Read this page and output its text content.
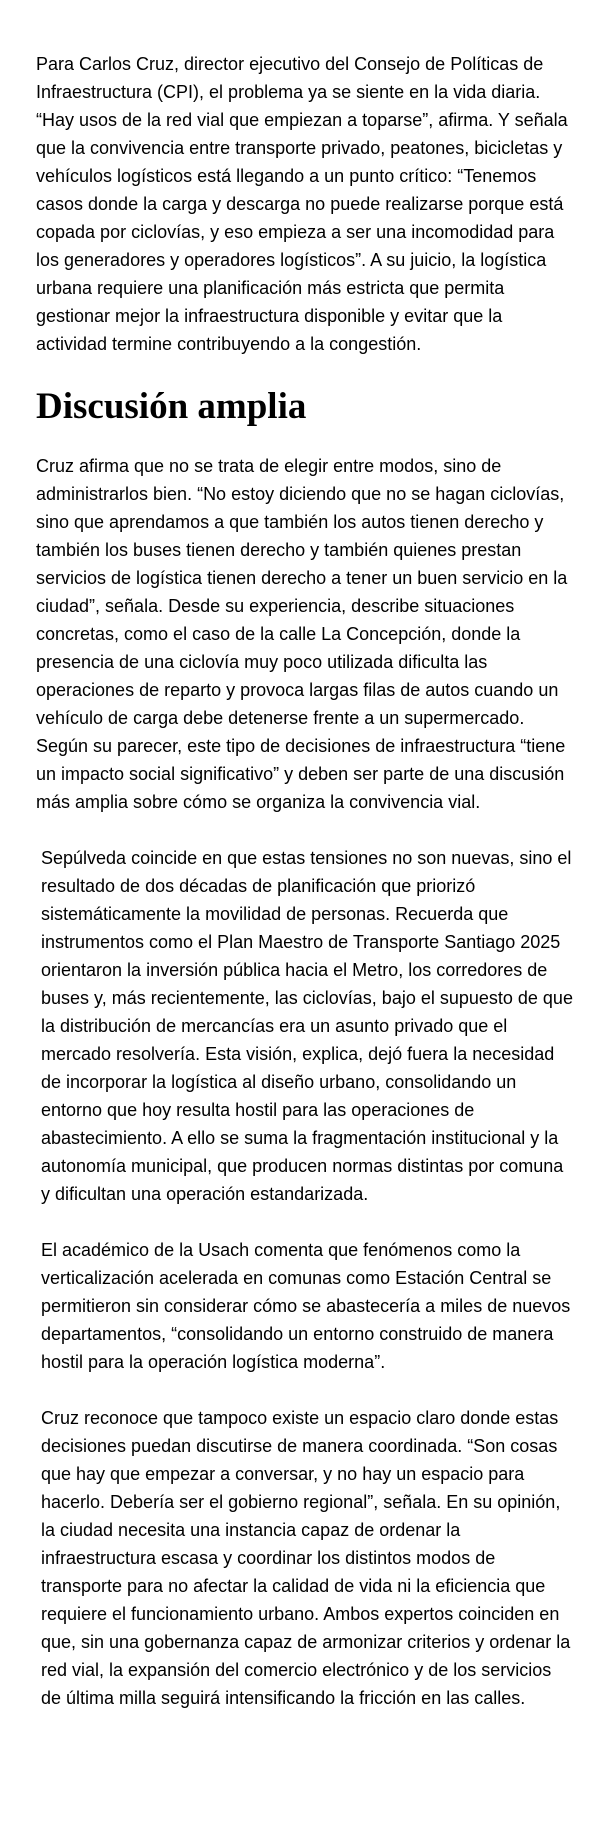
Para Carlos Cruz, director ejecutivo del Consejo de Políticas de Infraestructura (CPI), el problema ya se siente en la vida diaria. “Hay usos de la red vial que empiezan a toparse”, afirma. Y señala que la convivencia entre transporte privado, peatones, bicicletas y vehículos logísticos está llegando a un punto crítico: “Tenemos casos donde la carga y descarga no puede realizarse porque está copada por ciclovías, y eso empieza a ser una incomodidad para los generadores y operadores logísticos”. A su juicio, la logística urbana requiere una planificación más estricta que permita gestionar mejor la infraestructura disponible y evitar que la actividad termine contribuyendo a la congestión.

Discusión amplia

Cruz afirma que no se trata de elegir entre modos, sino de administrarlos bien. “No estoy diciendo que no se hagan ciclovías, sino que aprendamos a que también los autos tienen derecho y también los buses tienen derecho y también quienes prestan servicios de logística tienen derecho a tener un buen servicio en la ciudad”, señala. Desde su experiencia, describe situaciones concretas, como el caso de la calle La Concepción, donde la presencia de una ciclovía muy poco utilizada dificulta las operaciones de reparto y provoca largas filas de autos cuando un vehículo de carga debe detenerse frente a un supermercado. Según su parecer, este tipo de decisiones de infraestructura “tiene un impacto social significativo” y deben ser parte de una discusión más amplia sobre cómo se organiza la convivencia vial.

Sepúlveda coincide en que estas tensiones no son nuevas, sino el resultado de dos décadas de planificación que priorizó sistemáticamente la movilidad de personas. Recuerda que instrumentos como el Plan Maestro de Transporte Santiago 2025 orientaron la inversión pública hacia el Metro, los corredores de buses y, más recientemente, las ciclovías, bajo el supuesto de que la distribución de mercancías era un asunto privado que el mercado resolvería. Esta visión, explica, dejó fuera la necesidad de incorporar la logística al diseño urbano, consolidando un entorno que hoy resulta hostil para las operaciones de abastecimiento. A ello se suma la fragmentación institucional y la autonomía municipal, que producen normas distintas por comuna y dificultan una operación estandarizada.

El académico de la Usach comenta que fenómenos como la verticalización acelerada en comunas como Estación Central se permitieron sin considerar cómo se abastecería a miles de nuevos departamentos, “consolidando un entorno construido de manera hostil para la operación logística moderna”.

Cruz reconoce que tampoco existe un espacio claro donde estas decisiones puedan discutirse de manera coordinada. “Son cosas que hay que empezar a conversar, y no hay un espacio para hacerlo. Debería ser el gobierno regional”, señala. En su opinión, la ciudad necesita una instancia capaz de ordenar la infraestructura escasa y coordinar los distintos modos de transporte para no afectar la calidad de vida ni la eficiencia que requiere el funcionamiento urbano. Ambos expertos coinciden en que, sin una gobernanza capaz de armonizar criterios y ordenar la red vial, la expansión del comercio electrónico y de los servicios de última milla seguirá intensificando la fricción en las calles.
